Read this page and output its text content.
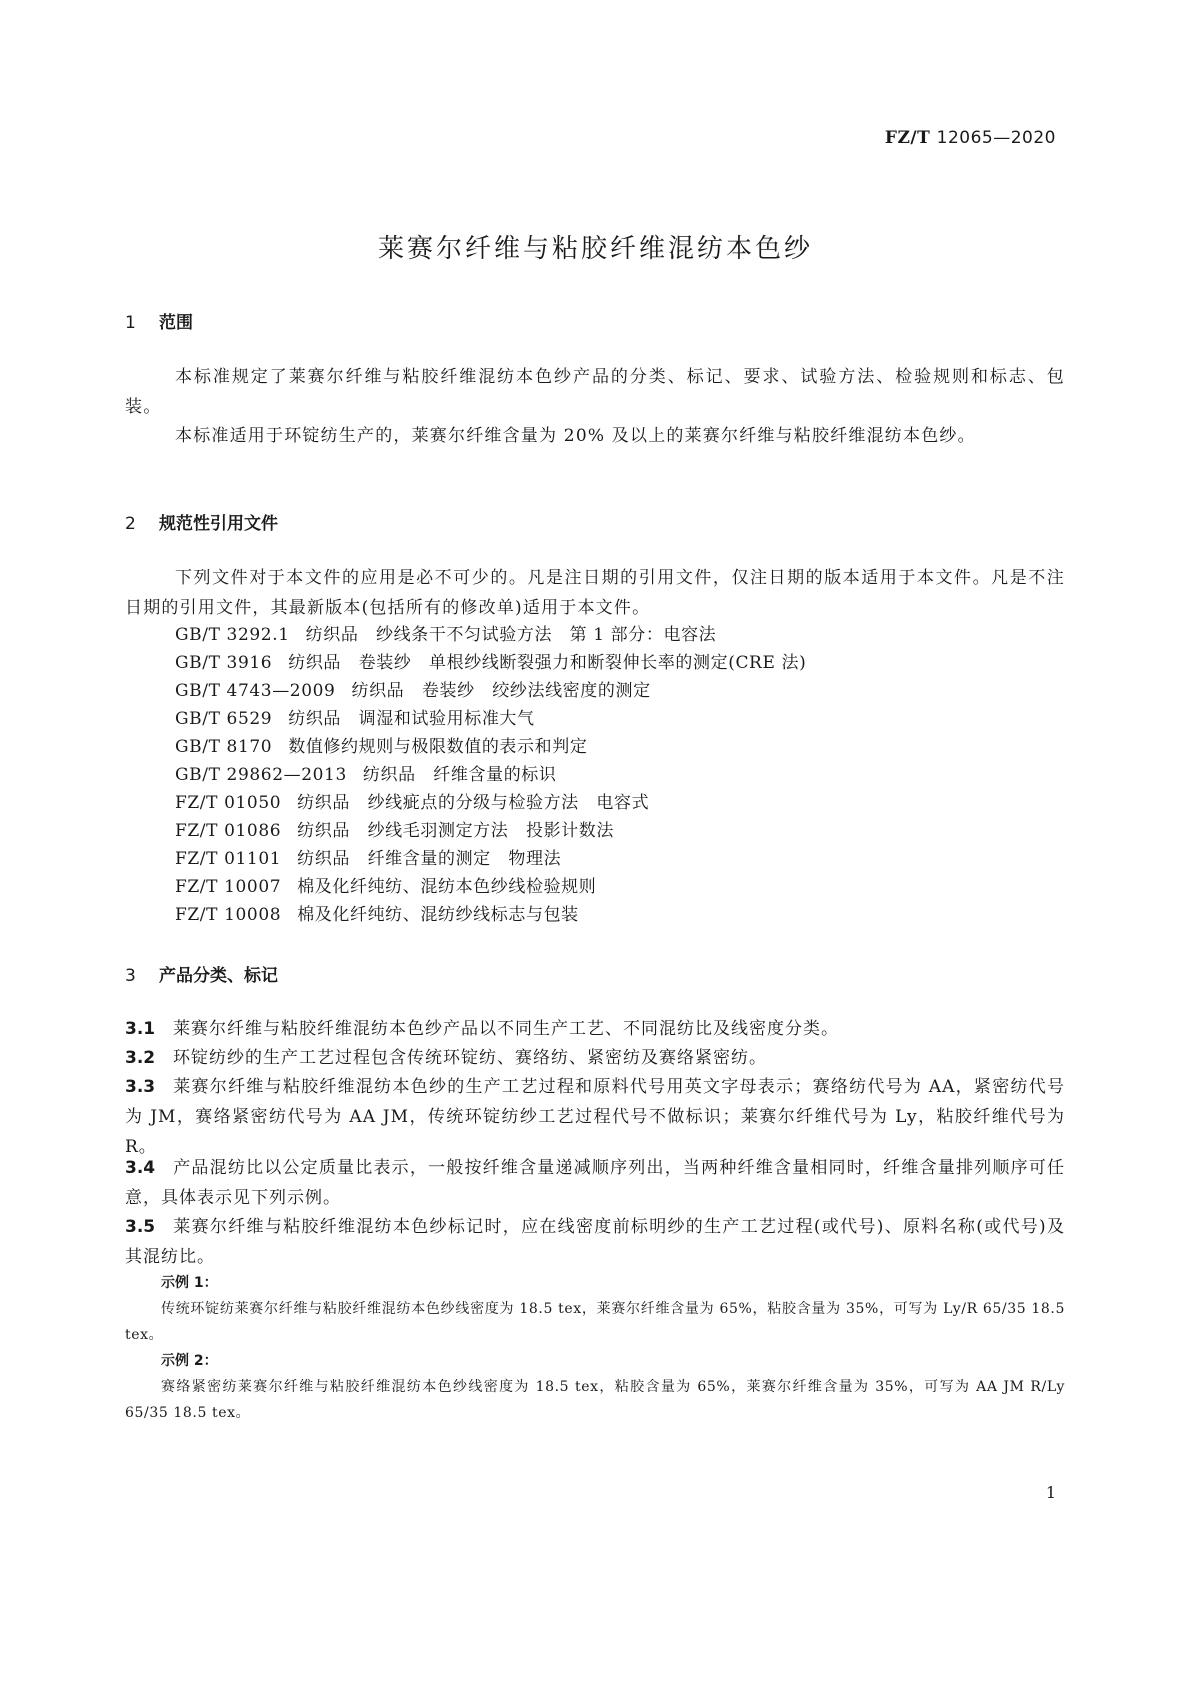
FZ/T 12065—2020
莱赛尔纤维与粘胶纤维混纺本色纱
1 范围
本标准规定了莱赛尔纤维与粘胶纤维混纺本色纱产品的分类、标记、要求、试验方法、检验规则和标志、包装。
本标准适用于环锭纺生产的，莱赛尔纤维含量为 20% 及以上的莱赛尔纤维与粘胶纤维混纺本色纱。
2 规范性引用文件
下列文件对于本文件的应用是必不可少的。凡是注日期的引用文件，仅注日期的版本适用于本文件。凡是不注日期的引用文件，其最新版本(包括所有的修改单)适用于本文件。
GB/T 3292.1 纺织品　纱线条干不匀试验方法　第 1 部分：电容法
GB/T 3916 纺织品　卷装纱　单根纱线断裂强力和断裂伸长率的测定(CRE 法)
GB/T 4743—2009 纺织品　卷装纱　绞纱法线密度的测定
GB/T 6529 纺织品　调湿和试验用标准大气
GB/T 8170 数值修约规则与极限数值的表示和判定
GB/T 29862—2013 纺织品　纤维含量的标识
FZ/T 01050 纺织品　纱线疵点的分级与检验方法　电容式
FZ/T 01086 纺织品　纱线毛羽测定方法　投影计数法
FZ/T 01101 纺织品　纤维含量的测定　物理法
FZ/T 10007 棉及化纤纯纺、混纺本色纱线检验规则
FZ/T 10008 棉及化纤纯纺、混纺纱线标志与包装
3 产品分类、标记
3.1 莱赛尔纤维与粘胶纤维混纺本色纱产品以不同生产工艺、不同混纺比及线密度分类。
3.2 环锭纺纱的生产工艺过程包含传统环锭纺、赛络纺、紧密纺及赛络紧密纺。
3.3 莱赛尔纤维与粘胶纤维混纺本色纱的生产工艺过程和原料代号用英文字母表示；赛络纺代号为 AA，紧密纺代号为 JM，赛络紧密纺代号为 AA JM，传统环锭纺纱工艺过程代号不做标识；莱赛尔纤维代号为 Ly，粘胶纤维代号为 R。
3.4 产品混纺比以公定质量比表示，一般按纤维含量递减顺序列出，当两种纤维含量相同时，纤维含量排列顺序可任意，具体表示见下列示例。
3.5 莱赛尔纤维与粘胶纤维混纺本色纱标记时，应在线密度前标明纱的生产工艺过程(或代号)、原料名称(或代号)及其混纺比。
示例 1：
传统环锭纺莱赛尔纤维与粘胶纤维混纺本色纱线密度为 18.5 tex，莱赛尔纤维含量为 65%，粘胶含量为 35%，可写为 Ly/R 65/35 18.5 tex。
示例 2：
赛络紧密纺莱赛尔纤维与粘胶纤维混纺本色纱线密度为 18.5 tex，粘胶含量为 65%，莱赛尔纤维含量为 35%，可写为 AA JM R/Ly 65/35 18.5 tex。
1
